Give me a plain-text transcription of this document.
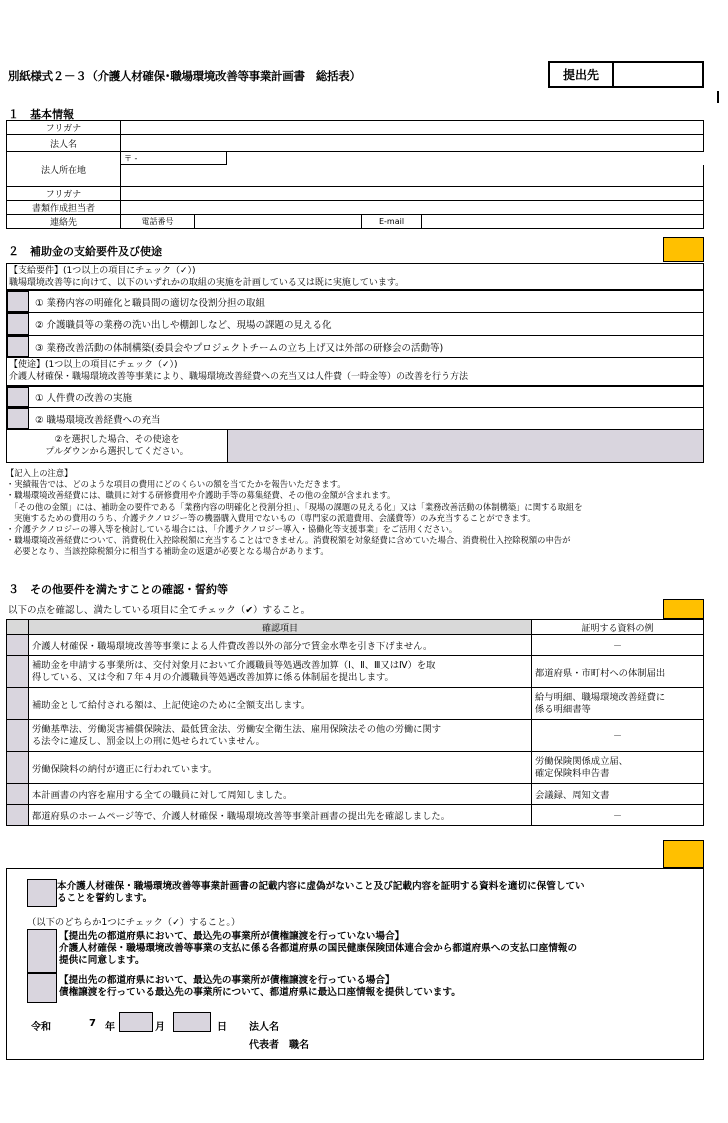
別紙様式２－３（介護人材確保･職場環境改善等事業計画書　総括表）	提出先
１　基本情報
フリガナ					
法人名					
法人所在地	〒 -				

フリガナ					
書類作成担当者					
連絡先	電話番号			E-mail	
２　補助金の支給要件及び使途
【支給要件】(1つ以上の項目にチェック（✓）)
職場環境改善等に向けて、以下のいずれかの取組の実施を計画している又は既に実施しています。
① 業務内容の明確化と職員間の適切な役割分担の取組
② 介護職員等の業務の洗い出しや棚卸しなど、現場の課題の見える化
③ 業務改善活動の体制構築(委員会やプロジェクトチームの立ち上げ又は外部の研修会の活動等)
【使途】(1つ以上の項目にチェック（✓）)
介護人材確保・職場環境改善等事業により、職場環境改善経費への充当又は人件費（一時金等）の改善を行う方法
① 人件費の改善の実施
② 職場環境改善経費への充当
②を選択した場合、その使途を
プルダウンから選択してください。
【記入上の注意】
・実績報告では、どのような項目の費用にどのくらいの額を当てたかを報告いただきます。
・職場環境改善経費には、職員に対する研修費用や介護助手等の募集経費、その他の金額が含まれます。
「その他の金額」には、補助金の要件である「業務内容の明確化と役割分担」、「現場の課題の見える化」又は「業務改善活動の体制構築」に関する取組を
実施するための費用のうち、介護テクノロジー等の機器購入費用でないもの（専門家の派遣費用、会議費等）のみ充当することができます。
・介護テクノロジーの導入等を検討している場合には、「介護テクノロジー導入・協働化等支援事業」をご活用ください。
・職場環境改善経費について、消費税仕入控除税額に充当することはできません。消費税額を対象経費に含めていた場合、消費税仕入控除税額の申告が
必要となり、当該控除税額分に相当する補助金の返還が必要となる場合があります。
３　その他要件を満たすことの確認・誓約等
以下の点を確認し、満たしている項目に全てチェック（✔）すること。
	確認項目	証明する資料の例

	介護人材確保・職場環境改善等事業による人件費改善以外の部分で賃金水準を引き下げません。	－

	補助金を申請する事業所は、交付対象月において介護職員等処遇改善加算（Ⅰ、Ⅱ、Ⅲ又はⅣ）を取
得している、又は令和７年４月の介護職員等処遇改善加算に係る体制届を提出します。	都道府県・市町村への体制届出
	補助金として給付される額は、上記使途のために全額支出します。	給与明細、職場環境改善経費に
係る明細書等

	労働基準法、労働災害補償保険法、最低賃金法、労働安全衛生法、雇用保険法その他の労働に関す
る法令に違反し、罰金以上の刑に処せられていません。	－
	労働保険料の納付が適正に行われています。	労働保険関係成立届、
確定保険料申告書

	本計画書の内容を雇用する全ての職員に対して周知しました。	会議録、周知文書
	都道府県のホームページ等で、介護人材確保・職場環境改善等事業計画書の提出先を確認しました。	－
本介護人材確保・職場環境改善等事業計画書の記載内容に虚偽がないこと及び記載内容を証明する資料を適切に保管してい
ることを誓約します。
（以下のどちらか1つにチェック（✓）すること。）
【提出先の都道府県において、最込先の事業所が債権譲渡を行っていない場合】
介護人材確保・職場環境改善等事業の支払に係る各都道府県の国民健康保険団体連合会から都道府県への支払口座情報の
提供に同意します。
【提出先の都道府県において、最込先の事業所が債権譲渡を行っている場合】
債権譲渡を行っている最込先の事業所について、都道府県に最込口座情報を提供しています。
令和	7 年	月	日 法人名
代表者　職名
